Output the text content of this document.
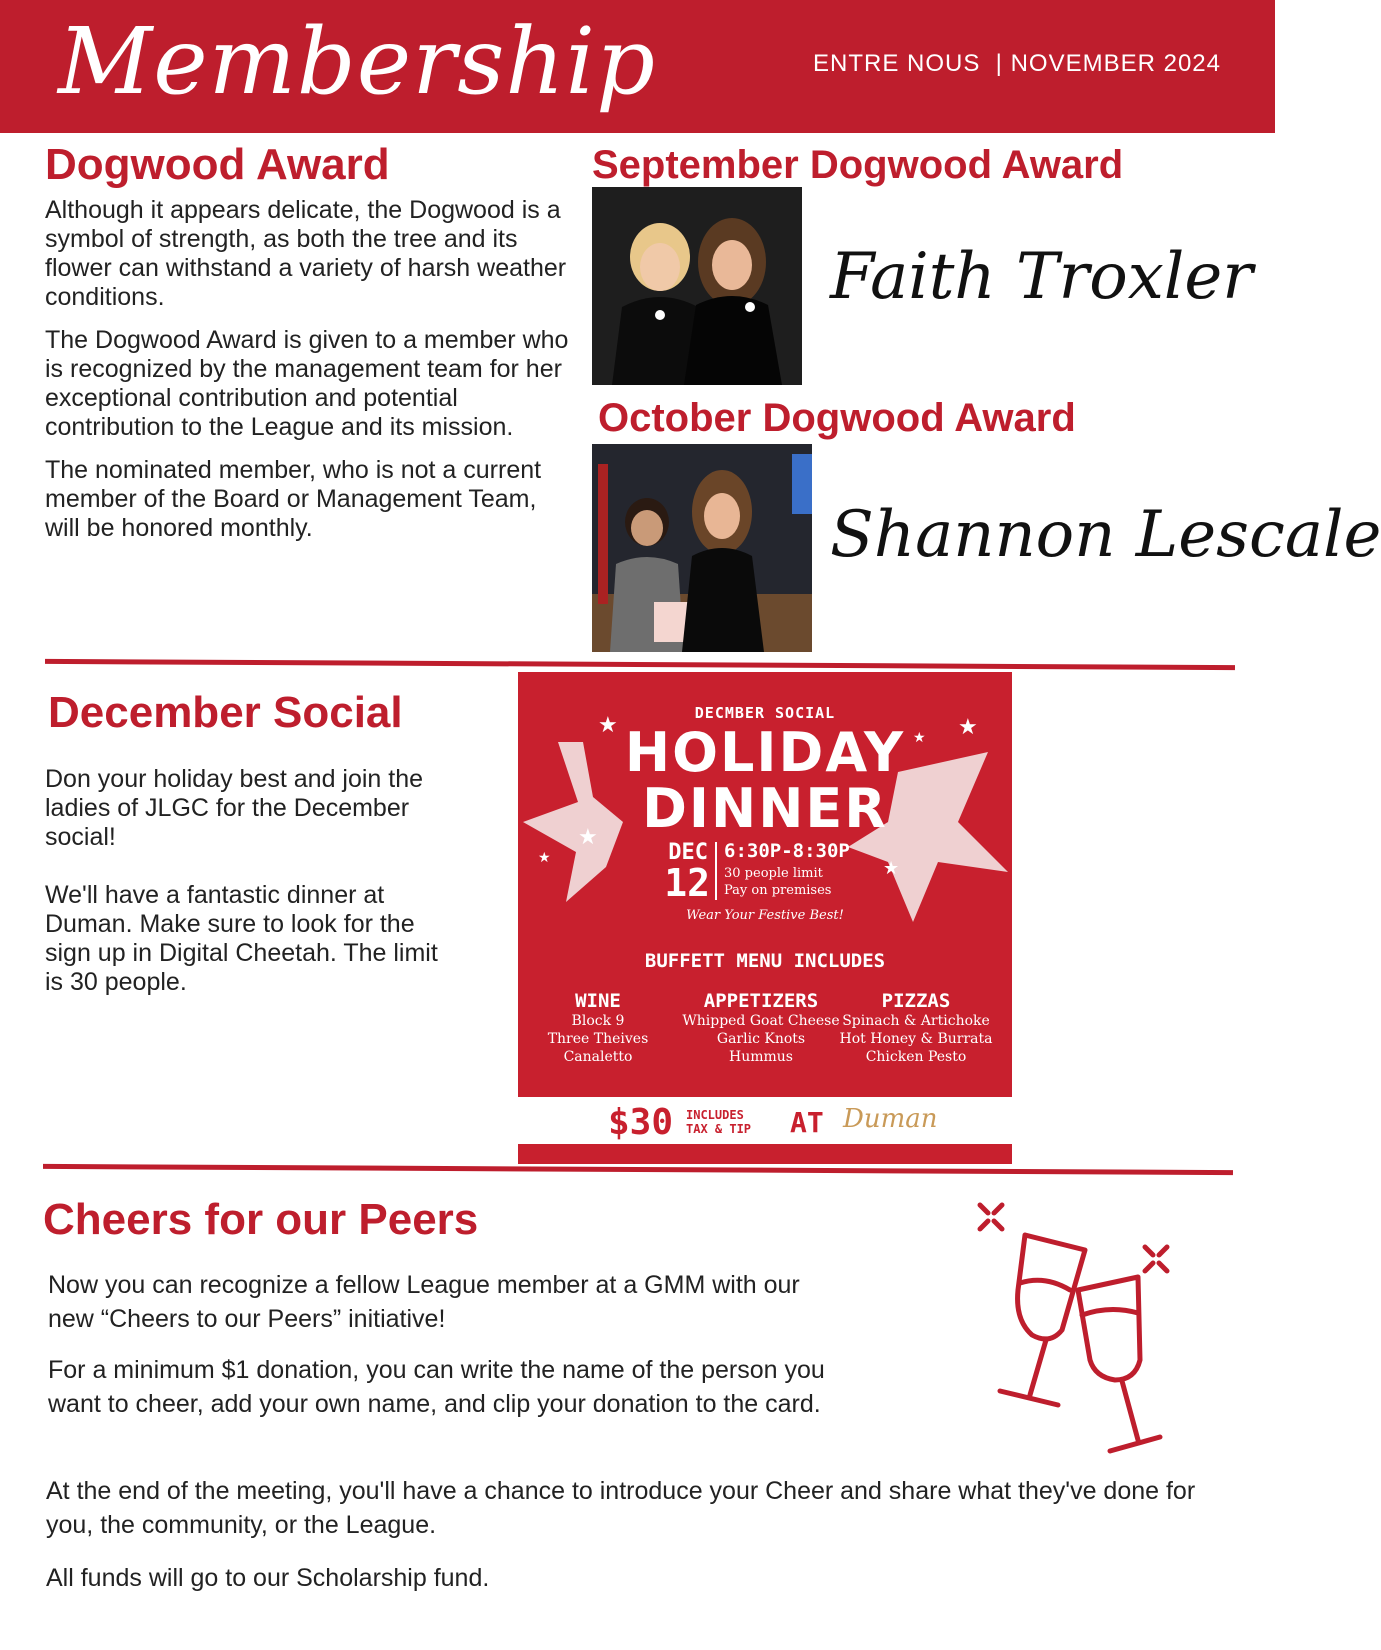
Membership	ENTRE NOUS  | NOVEMBER 2024
Dogwood Award

Although it appears delicate, the Dogwood is a symbol of strength, as both the tree and its flower can withstand a variety of harsh weather conditions.

The Dogwood Award is given to a member who is recognized by the management team for her exceptional contribution and potential contribution to the League and its mission.

The nominated member, who is not a current member of the Board or Management Team, will be honored monthly.

September Dogwood Award
Faith Troxler
October Dogwood Award
Shannon Lescale
December Social

Don your holiday best and join the ladies of JLGC for the December social!

We'll have a fantastic dinner at Duman. Make sure to look for the sign up in Digital Cheetah. The limit is 30 people.

★	★
★
★
★
★
DECMBER SOCIAL
HOLIDAY
DINNER
DEC
12
6:30P-8:30P
30 people limit
Pay on premises
Wear Your Festive Best!
BUFFETT MENU INCLUDES
WINE
Block 9
Three Theives
Canaletto
APPETIZERS
Whipped Goat Cheese
Garlic Knots
Hummus
PIZZAS
Spinach & Artichoke
Hot Honey & Burrata
Chicken Pesto
$30 INCLUDES
TAX & TIP AT Duman
Cheers for our Peers

Now you can recognize a fellow League member at a GMM with our new “Cheers to our Peers” initiative!

For a minimum $1 donation, you can write the name of the person you want to cheer, add your own name, and clip your donation to the card.

At the end of the meeting, you'll have a chance to introduce your Cheer and share what they've done for you, the community, or the League.

All funds will go to our Scholarship fund.
